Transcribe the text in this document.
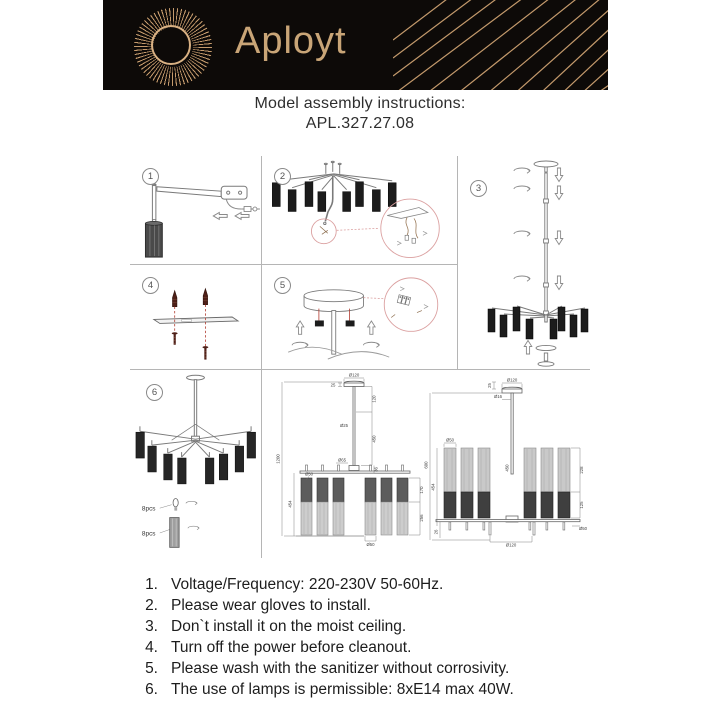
Aployt
Model assembly instructions:
APL.327.27.08
1	2
3
4	5
6
8pcs
8pcs
Ø120
25
120
Ø25
450
Ø65
36
1200
454
Ø50
170
256
Ø50
25
Ø120
Ø16
450
Ø50
600
454
228
125
Ø50
Ø120
26
1. Voltage/Frequency: 220-230V 50-60Hz.
2. Please wear gloves to install.
3. Don`t install it on the moist ceiling.
4. Turn off the power before cleanout.
5. Please wash with the sanitizer without corrosivity.
6. The use of lamps is permissible: 8xE14 max 40W.
